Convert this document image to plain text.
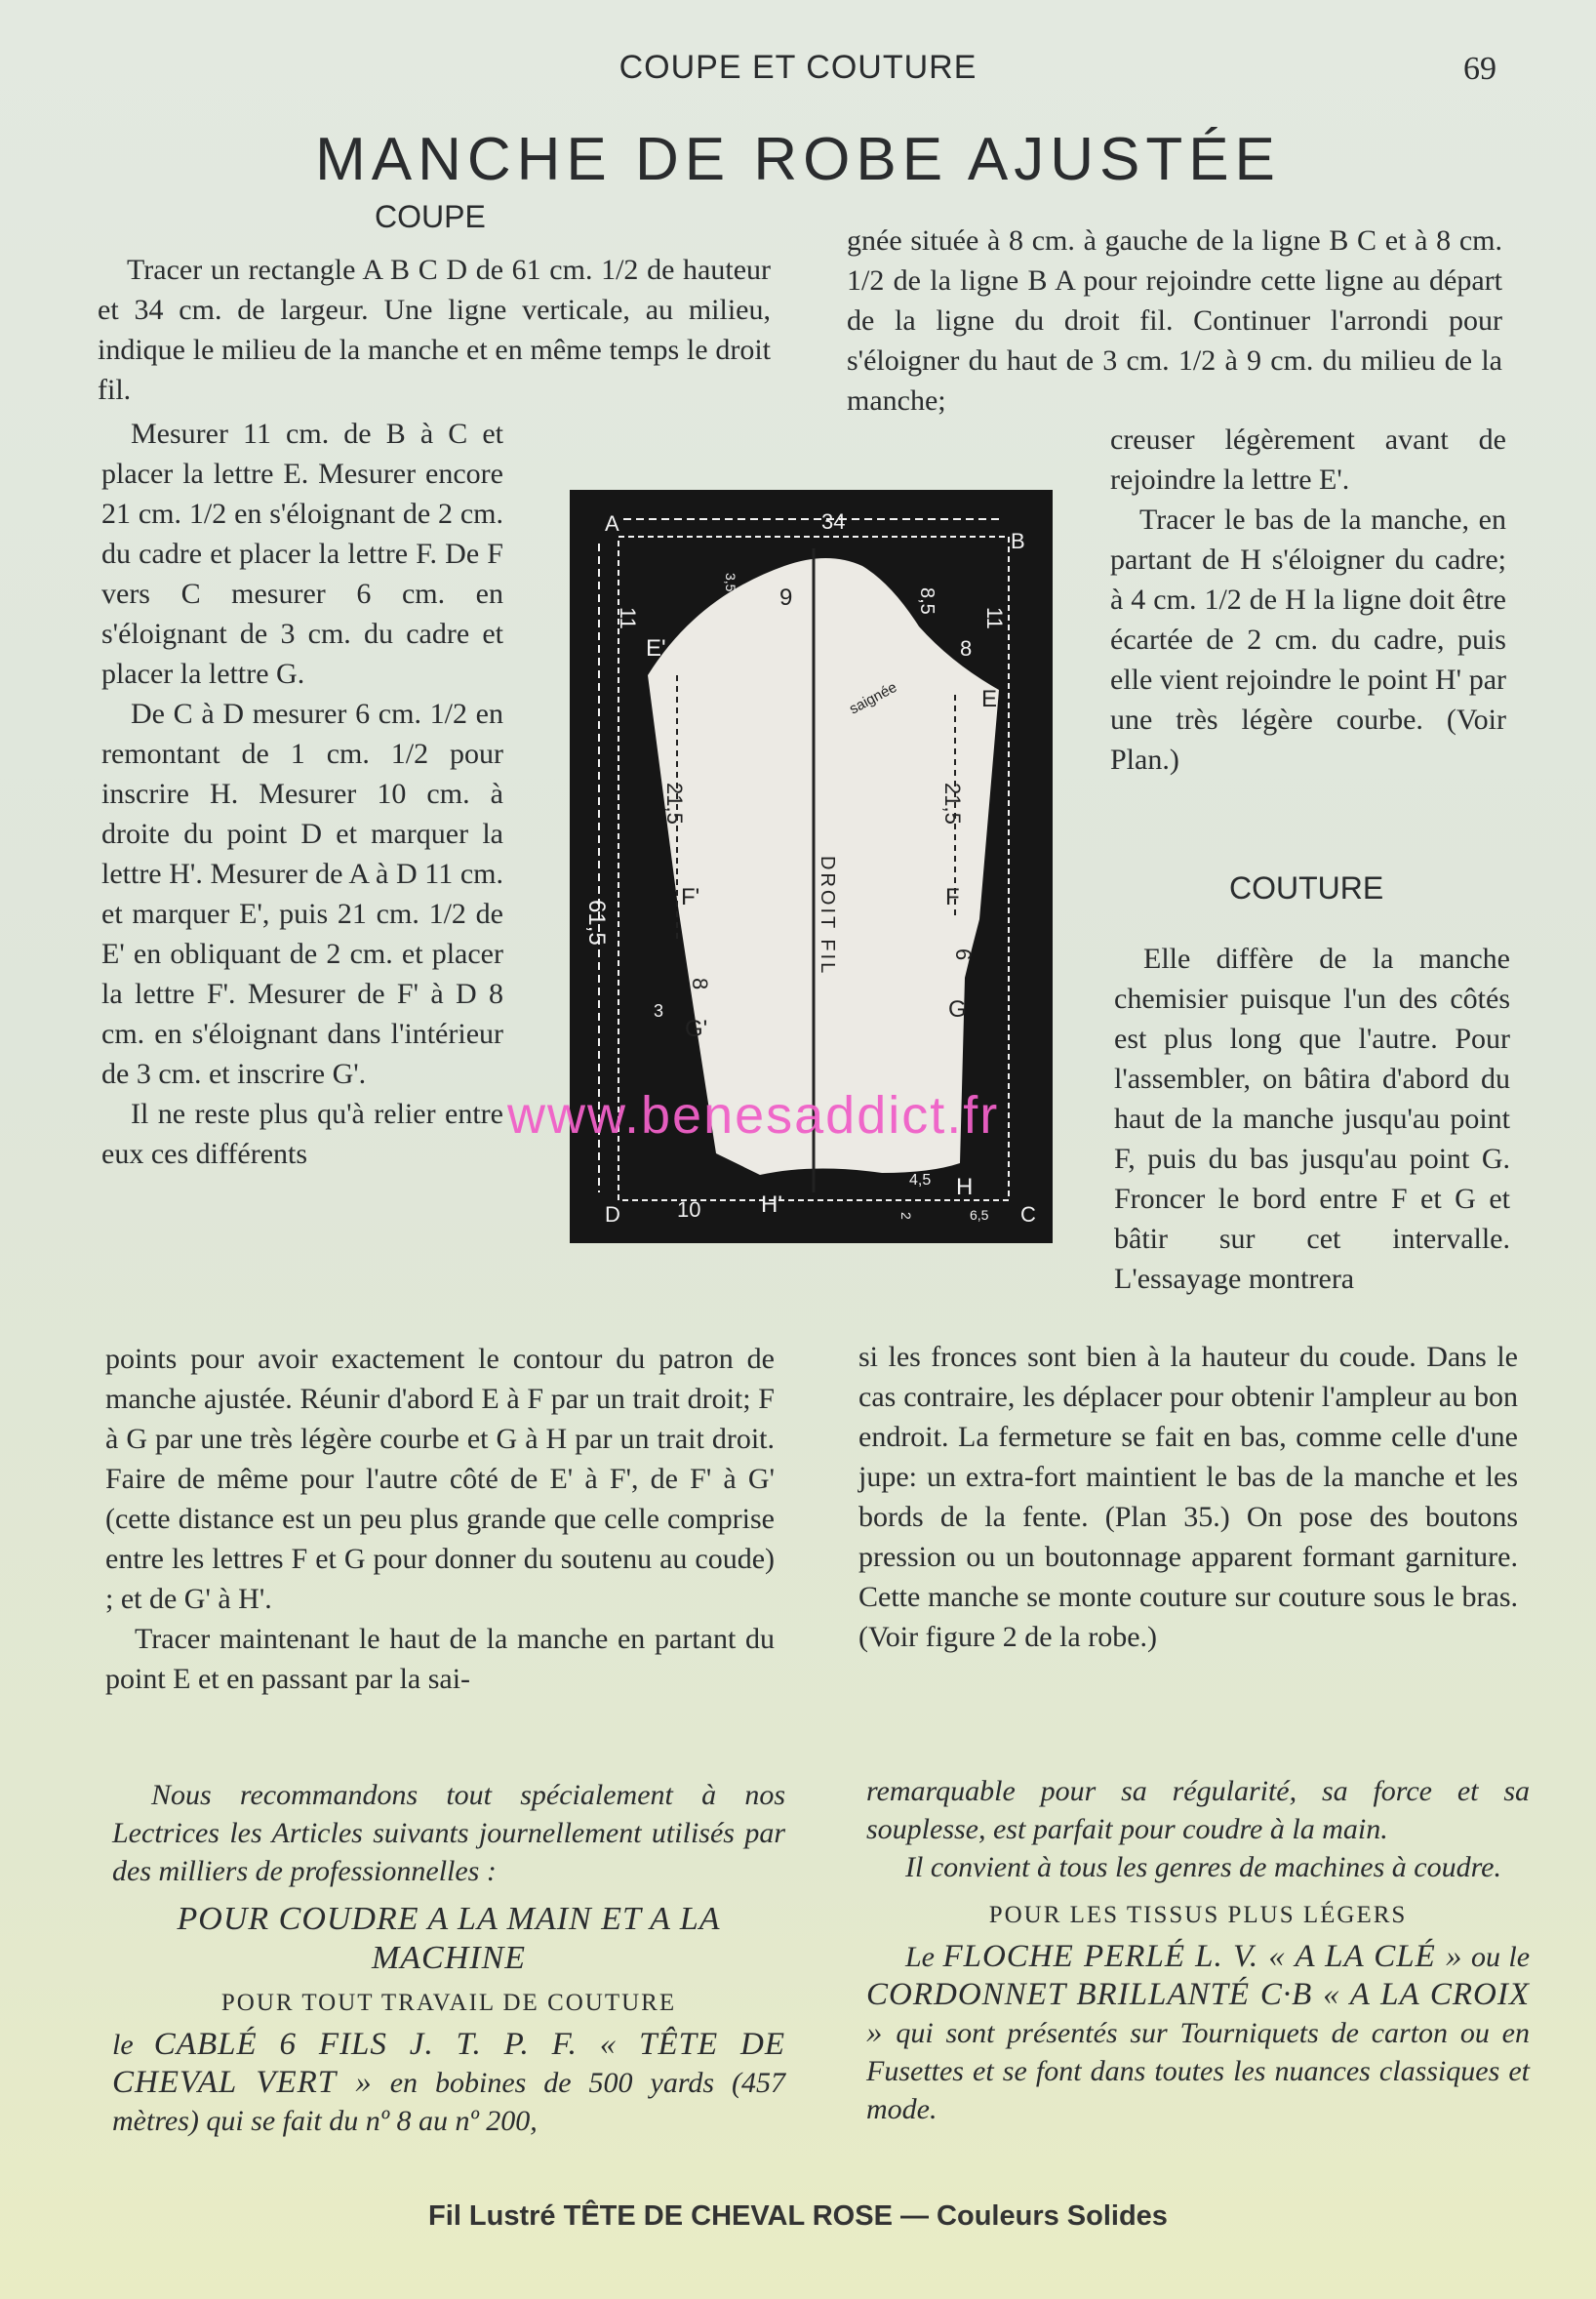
COUPE ET COUTURE	69
MANCHE DE ROBE AJUSTÉE
COUPE
COUTURE

Tracer un rectangle A B C D de 61 cm. 1/2 de hauteur et 34 cm. de largeur. Une ligne verticale, au milieu, indique le milieu de la manche et en même temps le droit fil.

Mesurer 11 cm. de B à C et placer la lettre E. Mesurer encore 21 cm. 1/2 en s'éloignant de 2 cm. du cadre et placer la lettre F. De F vers C mesurer 6 cm. en s'éloignant de 3 cm. du cadre et placer la lettre G.

De C à D mesurer 6 cm. 1/2 en remontant de 1 cm. 1/2 pour inscrire H. Mesurer 10 cm. à droite du point D et marquer la lettre H'. Mesurer de A à D 11 cm. et marquer E', puis 21 cm. 1/2 de E' en obliquant de 2 cm. et placer la lettre F'. Mesurer de F' à D 8 cm. en s'éloignant dans l'intérieur de 3 cm. et inscrire G'.

Il ne reste plus qu'à relier entre eux ces différents

points pour avoir exactement le contour du patron de manche ajustée. Réunir d'abord E à F par un trait droit; F à G par une très légère courbe et G à H par un trait droit. Faire de même pour l'autre côté de E' à F', de F' à G' (cette distance est un peu plus grande que celle comprise entre les lettres F et G pour donner du soutenu au coude) ; et de G' à H'.

Tracer maintenant le haut de la manche en partant du point E et en passant par la sai-

gnée située à 8 cm. à gauche de la ligne B C et à 8 cm. 1/2 de la ligne B A pour rejoindre cette ligne au départ de la ligne du droit fil. Continuer l'arrondi pour s'éloigner du haut de 3 cm. 1/2 à 9 cm. du milieu de la manche;

creuser légèrement avant de rejoindre la lettre E'.

Tracer le bas de la manche, en partant de H s'éloigner du cadre; à 4 cm. 1/2 de H la ligne doit être écartée de 2 cm. du cadre, puis elle vient rejoindre le point H' par une très légère courbe. (Voir Plan.)

Elle diffère de la manche chemisier puisque l'un des côtés est plus long que l'autre. Pour l'assembler, on bâtira d'abord du haut de la manche jusqu'au point F, puis du bas jusqu'au point G. Froncer le bord entre F et G et bâtir sur cet intervalle. L'essayage montrera

si les fronces sont bien à la hauteur du coude. Dans le cas contraire, les déplacer pour obtenir l'ampleur au bon endroit. La fermeture se fait en bas, comme celle d'une jupe: un extra-fort maintient le bas de la manche et les bords de la fente. (Plan 35.) On pose des boutons pression ou un boutonnage apparent formant garniture. Cette manche se monte couture sur couture sous le bras. (Voir figure 2 de la robe.)

A
B
C
D
E
E'
F
F'
G
G'
H
H'
34
61,5
11	11
21,5	21,5
9	8,5
8
3,5
8
6
3
10
4,5
6,5
2
DROIT FIL
saignée
www.benesaddict.fr

Nous recommandons tout spécialement à nos Lectrices les Articles suivants journellement utilisés par des milliers de professionnelles :

POUR COUDRE A LA MAIN ET A LA MACHINE

POUR TOUT TRAVAIL DE COUTURE

le CABLÉ 6 FILS J. T. P. F. « TÊTE DE CHEVAL VERT » en bobines de 500 yards (457 mètres) qui se fait du nº 8 au nº 200,

remarquable pour sa régularité, sa force et sa souplesse, est parfait pour coudre à la main.

Il convient à tous les genres de machines à coudre.

POUR LES TISSUS PLUS LÉGERS

Le FLOCHE PERLÉ L. V. « A LA CLÉ » ou le CORDONNET BRILLANTÉ C·B « A LA CROIX » qui sont présentés sur Tourniquets de carton ou en Fusettes et se font dans toutes les nuances classiques et mode.

Fil Lustré TÊTE DE CHEVAL ROSE — Couleurs Solides
